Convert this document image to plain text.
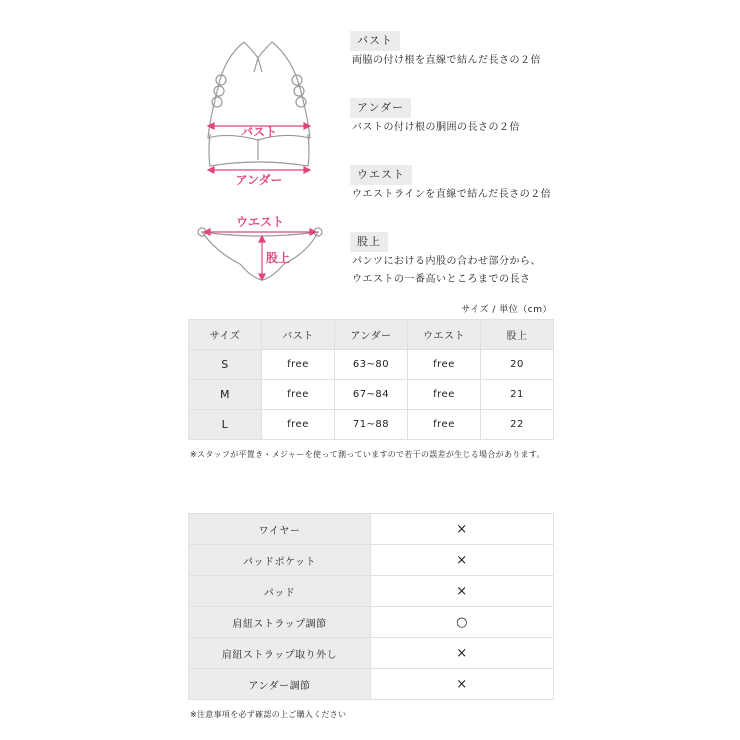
バスト
アンダー
ウエスト
股上
バスト
両脇の付け根を直線で結んだ長さの２倍
アンダー
バストの付け根の胴囲の長さの２倍
ウエスト
ウエストラインを直線で結んだ長さの２倍
股上
パンツにおける内股の合わせ部分から、
ウエストの一番高いところまでの長さ
サイズ / 単位（cm）
サイズ	バスト	アンダー	ウエスト	股上
S	free	63~80	free	20
M	free	67~84	free	21
L	free	71~88	free	22
※スタッフが平置き・メジャーを使って測っていますので若干の誤差が生じる場合があります。
ワイヤー	×
パッドポケット	×
パッド	×
肩紐ストラップ調節	○
肩紐ストラップ取り外し	×
アンダー調節	×
※注意事項を必ず確認の上ご購入ください
